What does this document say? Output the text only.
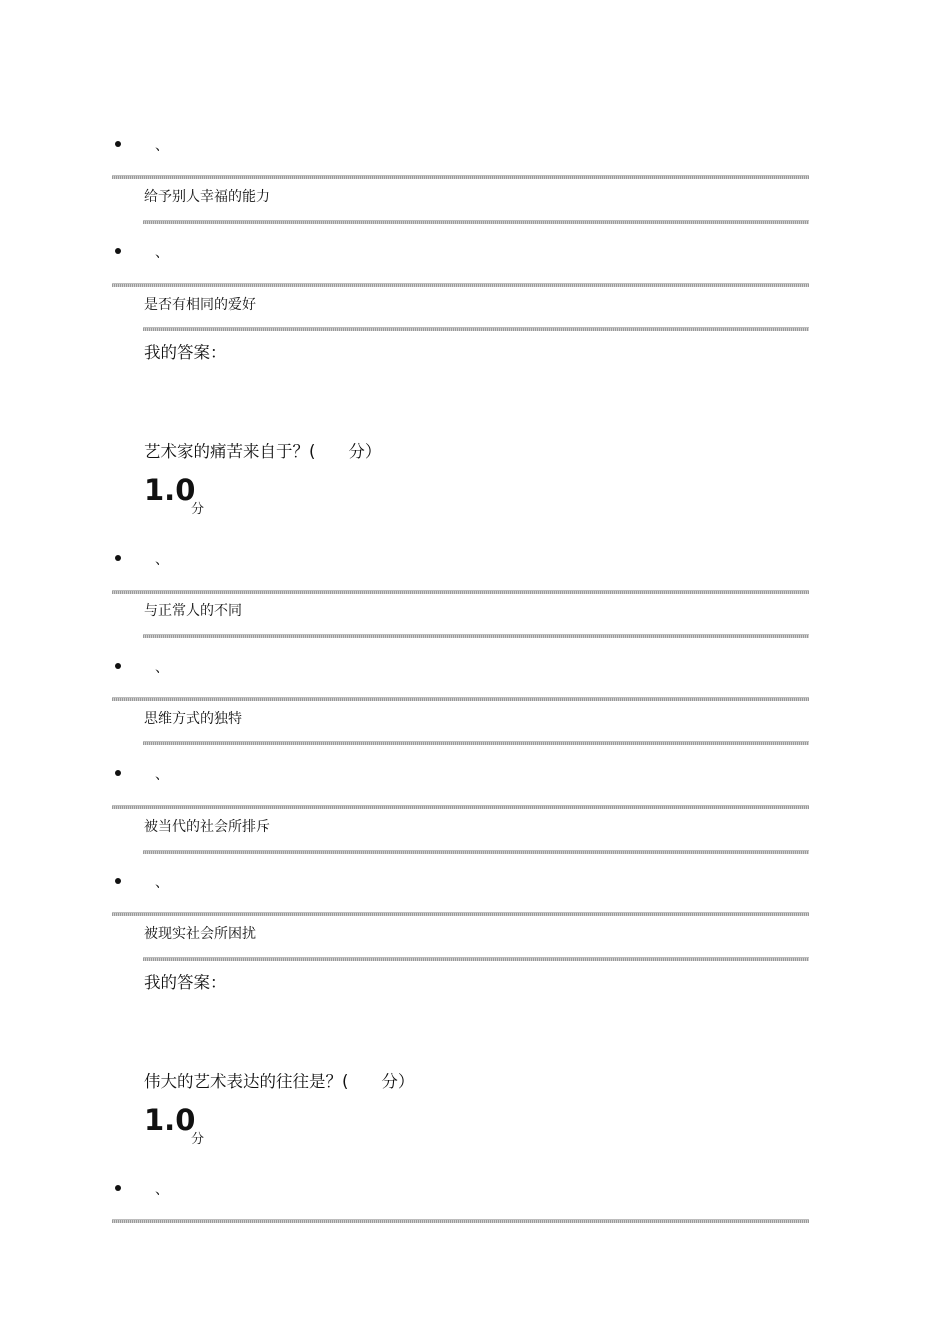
、
给予别人幸福的能力
、
是否有相同的爱好
我的答案：
艺术家的痛苦来自于？(　　分）
1.0
分
、
与正常人的不同
、
思维方式的独特
、
被当代的社会所排斥
、
被现实社会所困扰
我的答案：
伟大的艺术表达的往往是？(　　分）
1.0
分
、
